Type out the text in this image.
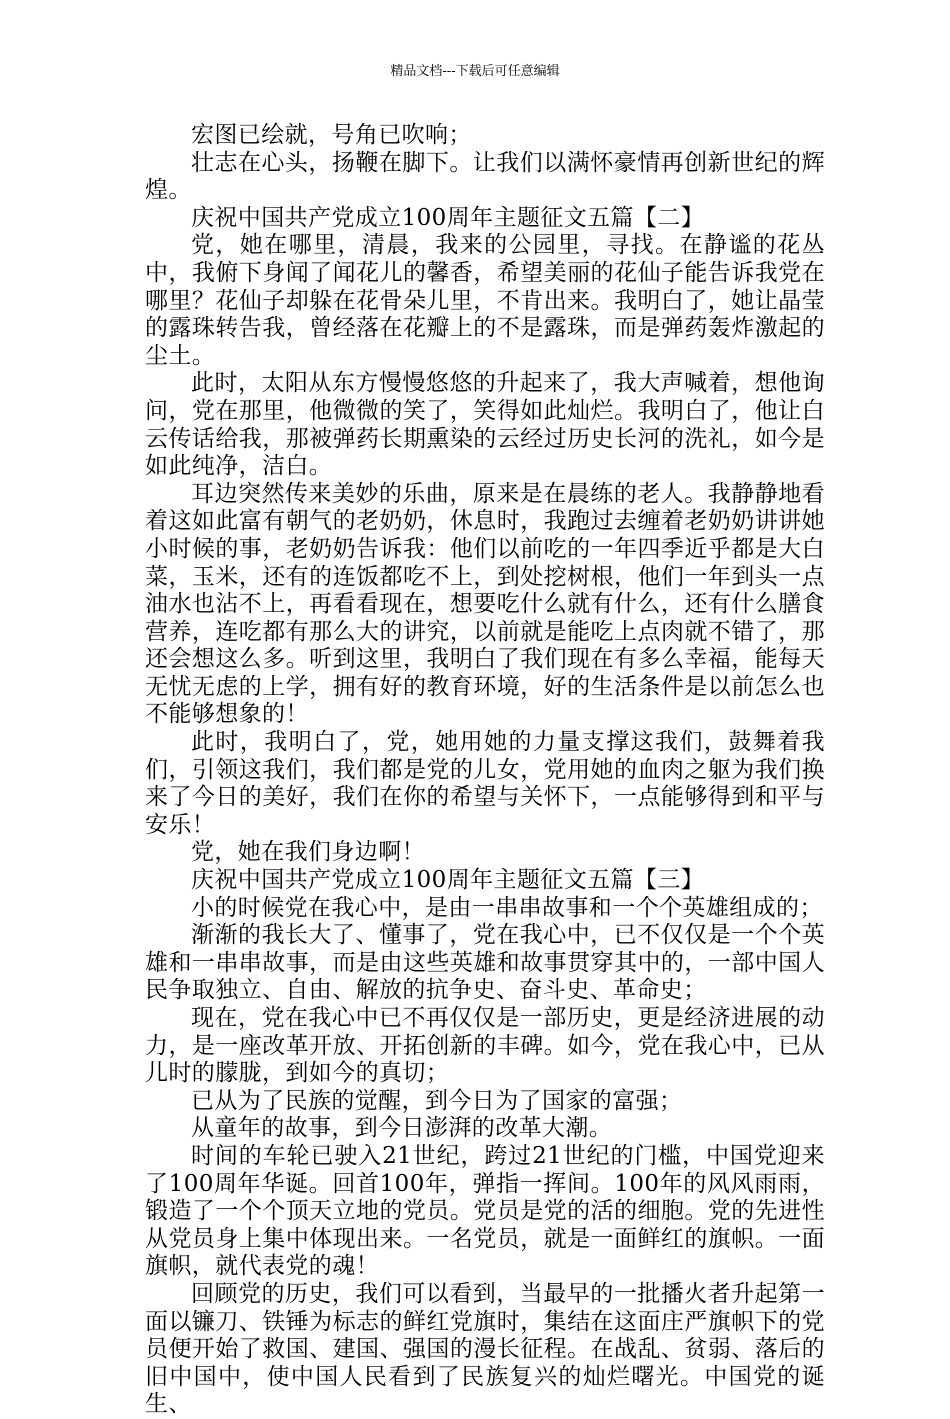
精品文档---下载后可任意编辑

宏图已绘就，号角已吹响；

壮志在心头，扬鞭在脚下。让我们以满怀豪情再创新世纪的辉煌。

庆祝中国共产党成立100周年主题征文五篇【二】

党，她在哪里，清晨，我来的公园里，寻找。在静谧的花丛中，我俯下身闻了闻花儿的馨香，希望美丽的花仙子能告诉我党在哪里？花仙子却躲在花骨朵儿里，不肯出来。我明白了，她让晶莹的露珠转告我，曾经落在花瓣上的不是露珠，而是弹药轰炸激起的尘土。

此时，太阳从东方慢慢悠悠的升起来了，我大声喊着，想他询问，党在那里，他微微的笑了，笑得如此灿烂。我明白了，他让白云传话给我，那被弹药长期熏染的云经过历史长河的洗礼，如今是如此纯净，洁白。

耳边突然传来美妙的乐曲，原来是在晨练的老人。我静静地看着这如此富有朝气的老奶奶，休息时，我跑过去缠着老奶奶讲讲她小时候的事，老奶奶告诉我：他们以前吃的一年四季近乎都是大白菜，玉米，还有的连饭都吃不上，到处挖树根，他们一年到头一点油水也沾不上，再看看现在，想要吃什么就有什么，还有什么膳食营养，连吃都有那么大的讲究，以前就是能吃上点肉就不错了，那还会想这么多。听到这里，我明白了我们现在有多么幸福，能每天无忧无虑的上学，拥有好的教育环境，好的生活条件是以前怎么也不能够想象的！

此时，我明白了，党，她用她的力量支撑这我们，鼓舞着我们，引领这我们，我们都是党的儿女，党用她的血肉之躯为我们换来了今日的美好，我们在你的希望与关怀下，一点能够得到和平与安乐！

党，她在我们身边啊！

庆祝中国共产党成立100周年主题征文五篇【三】

小的时候党在我心中，是由一串串故事和一个个英雄组成的；

渐渐的我长大了、懂事了，党在我心中，已不仅仅是一个个英雄和一串串故事，而是由这些英雄和故事贯穿其中的，一部中国人民争取独立、自由、解放的抗争史、奋斗史、革命史；

现在，党在我心中已不再仅仅是一部历史，更是经济进展的动力，是一座改革开放、开拓创新的丰碑。如今，党在我心中，已从儿时的朦胧，到如今的真切；

已从为了民族的觉醒，到今日为了国家的富强；

从童年的故事，到今日澎湃的改革大潮。

时间的车轮已驶入21世纪，跨过21世纪的门槛，中国党迎来了100周年华诞。回首100年，弹指一挥间。100年的风风雨雨，锻造了一个个顶天立地的党员。党员是党的活的细胞。党的先进性从党员身上集中体现出来。一名党员，就是一面鲜红的旗帜。一面旗帜，就代表党的魂！

回顾党的历史，我们可以看到，当最早的一批播火者升起第一面以镰刀、铁锤为标志的鲜红党旗时，集结在这面庄严旗帜下的党员便开始了救国、建国、强国的漫长征程。在战乱、贫弱、落后的旧中国中，使中国人民看到了民族复兴的灿烂曙光。中国党的诞生、
